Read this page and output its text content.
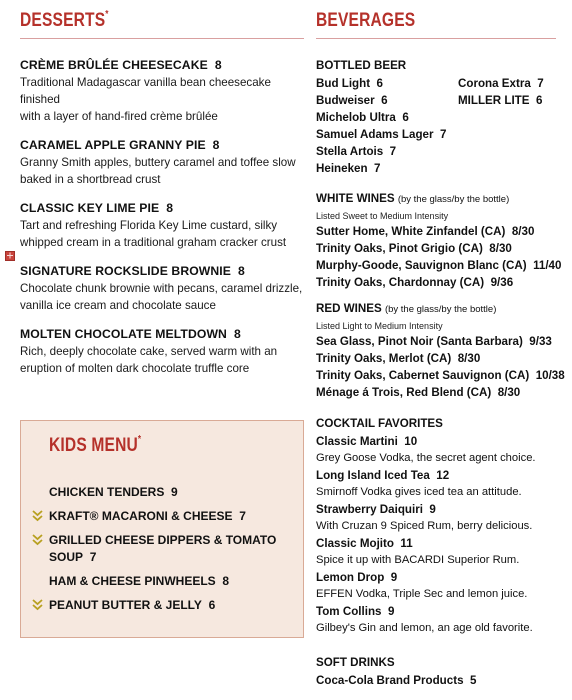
DESSERTS*
CRÈME BRÛLÉE CHEESECAKE 8
Traditional Madagascar vanilla bean cheesecake finished
with a layer of hand-fired crème brûlée
CARAMEL APPLE GRANNY PIE 8
Granny Smith apples, buttery caramel and toffee slow
baked in a shortbread crust
CLASSIC KEY LIME PIE 8
Tart and refreshing Florida Key Lime custard, silky
whipped cream in a traditional graham cracker crust
SIGNATURE ROCKSLIDE BROWNIE 8
Chocolate chunk brownie with pecans, caramel drizzle,
vanilla ice cream and chocolate sauce
MOLTEN CHOCOLATE MELTDOWN 8
Rich, deeply chocolate cake, served warm with an
eruption of molten dark chocolate truffle core
KIDS MENU*
CHICKEN TENDERS 9
KRAFT® MACARONI & CHEESE 7
GRILLED CHEESE DIPPERS & TOMATO
SOUP 7
HAM & CHEESE PINWHEELS 8
PEANUT BUTTER & JELLY 6
BEVERAGES
BOTTLED BEER
Bud Light 6
Budweiser 6
Michelob Ultra 6
Samuel Adams Lager 7
Stella Artois 7
Heineken 7
Corona Extra 7
MILLER LITE 6
WHITE WINES (by the glass/by the bottle)
Listed Sweet to Medium Intensity
Sutter Home, White Zinfandel (CA) 8/30
Trinity Oaks, Pinot Grigio (CA) 8/30
Murphy-Goode, Sauvignon Blanc (CA) 11/40
Trinity Oaks, Chardonnay (CA) 9/36
RED WINES (by the glass/by the bottle)
Listed Light to Medium Intensity
Sea Glass, Pinot Noir (Santa Barbara) 9/33
Trinity Oaks, Merlot (CA) 8/30
Trinity Oaks, Cabernet Sauvignon (CA) 10/38
Ménage á Trois, Red Blend (CA) 8/30
COCKTAIL FAVORITES
Classic Martini 10
Grey Goose Vodka, the secret agent choice.
Long Island Iced Tea 12
Smirnoff Vodka gives iced tea an attitude.
Strawberry Daiquiri 9
With Cruzan 9 Spiced Rum, berry delicious.
Classic Mojito 11
Spice it up with BACARDI Superior Rum.
Lemon Drop 9
EFFEN Vodka, Triple Sec and lemon juice.
Tom Collins 9
Gilbey's Gin and lemon, an age old favorite.
SOFT DRINKS
Coca-Cola Brand Products 5
